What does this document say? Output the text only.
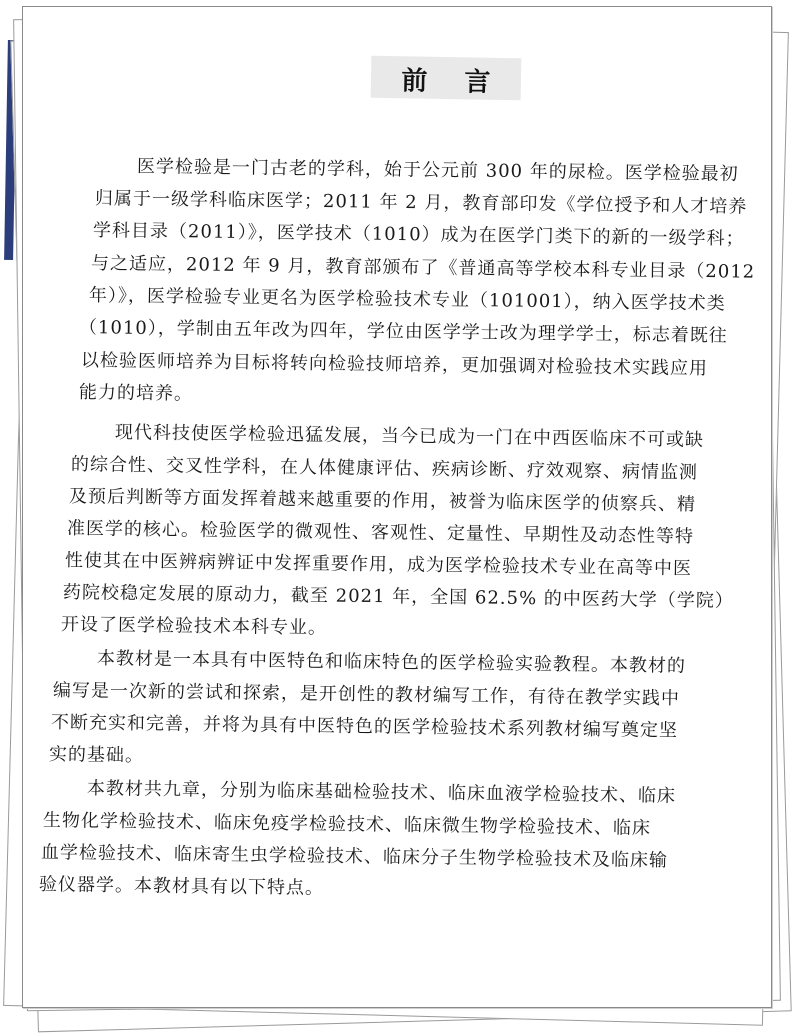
前 言
医学检验是一门古老的学科，始于公元前 300 年的尿检。医学检验最初
归属于一级学科临床医学；2011 年 2 月，教育部印发《学位授予和人才培养
学科目录（2011）》，医学技术（1010）成为在医学门类下的新的一级学科；
与之适应，2012 年 9 月，教育部颁布了《普通高等学校本科专业目录（2012
年）》，医学检验专业更名为医学检验技术专业（101001），纳入医学技术类
（1010），学制由五年改为四年，学位由医学学士改为理学学士，标志着既往
以检验医师培养为目标将转向检验技师培养，更加强调对检验技术实践应用
能力的培养。
现代科技使医学检验迅猛发展，当今已成为一门在中西医临床不可或缺
的综合性、交叉性学科，在人体健康评估、疾病诊断、疗效观察、病情监测
及预后判断等方面发挥着越来越重要的作用，被誉为临床医学的侦察兵、精
准医学的核心。检验医学的微观性、客观性、定量性、早期性及动态性等特
性使其在中医辨病辨证中发挥重要作用，成为医学检验技术专业在高等中医
药院校稳定发展的原动力，截至 2021 年，全国 62.5% 的中医药大学（学院）
开设了医学检验技术本科专业。
本教材是一本具有中医特色和临床特色的医学检验实验教程。本教材的
编写是一次新的尝试和探索，是开创性的教材编写工作，有待在教学实践中
不断充实和完善，并将为具有中医特色的医学检验技术系列教材编写奠定坚
实的基础。
本教材共九章，分别为临床基础检验技术、临床血液学检验技术、临床
生物化学检验技术、临床免疫学检验技术、临床微生物学检验技术、临床
血学检验技术、临床寄生虫学检验技术、临床分子生物学检验技术及临床输
验仪器学。本教材具有以下特点。
